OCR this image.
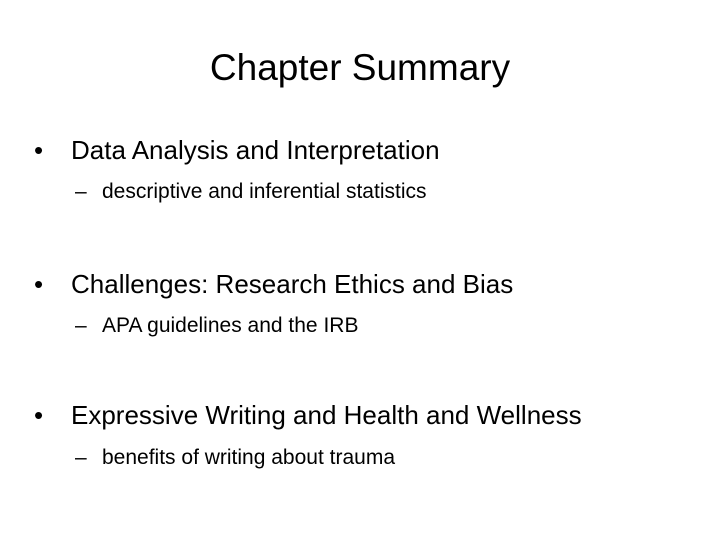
Chapter Summary
• Data Analysis and Interpretation
– descriptive and inferential statistics
• Challenges: Research Ethics and Bias
– APA guidelines and the IRB
• Expressive Writing and Health and Wellness
– benefits of writing about trauma
